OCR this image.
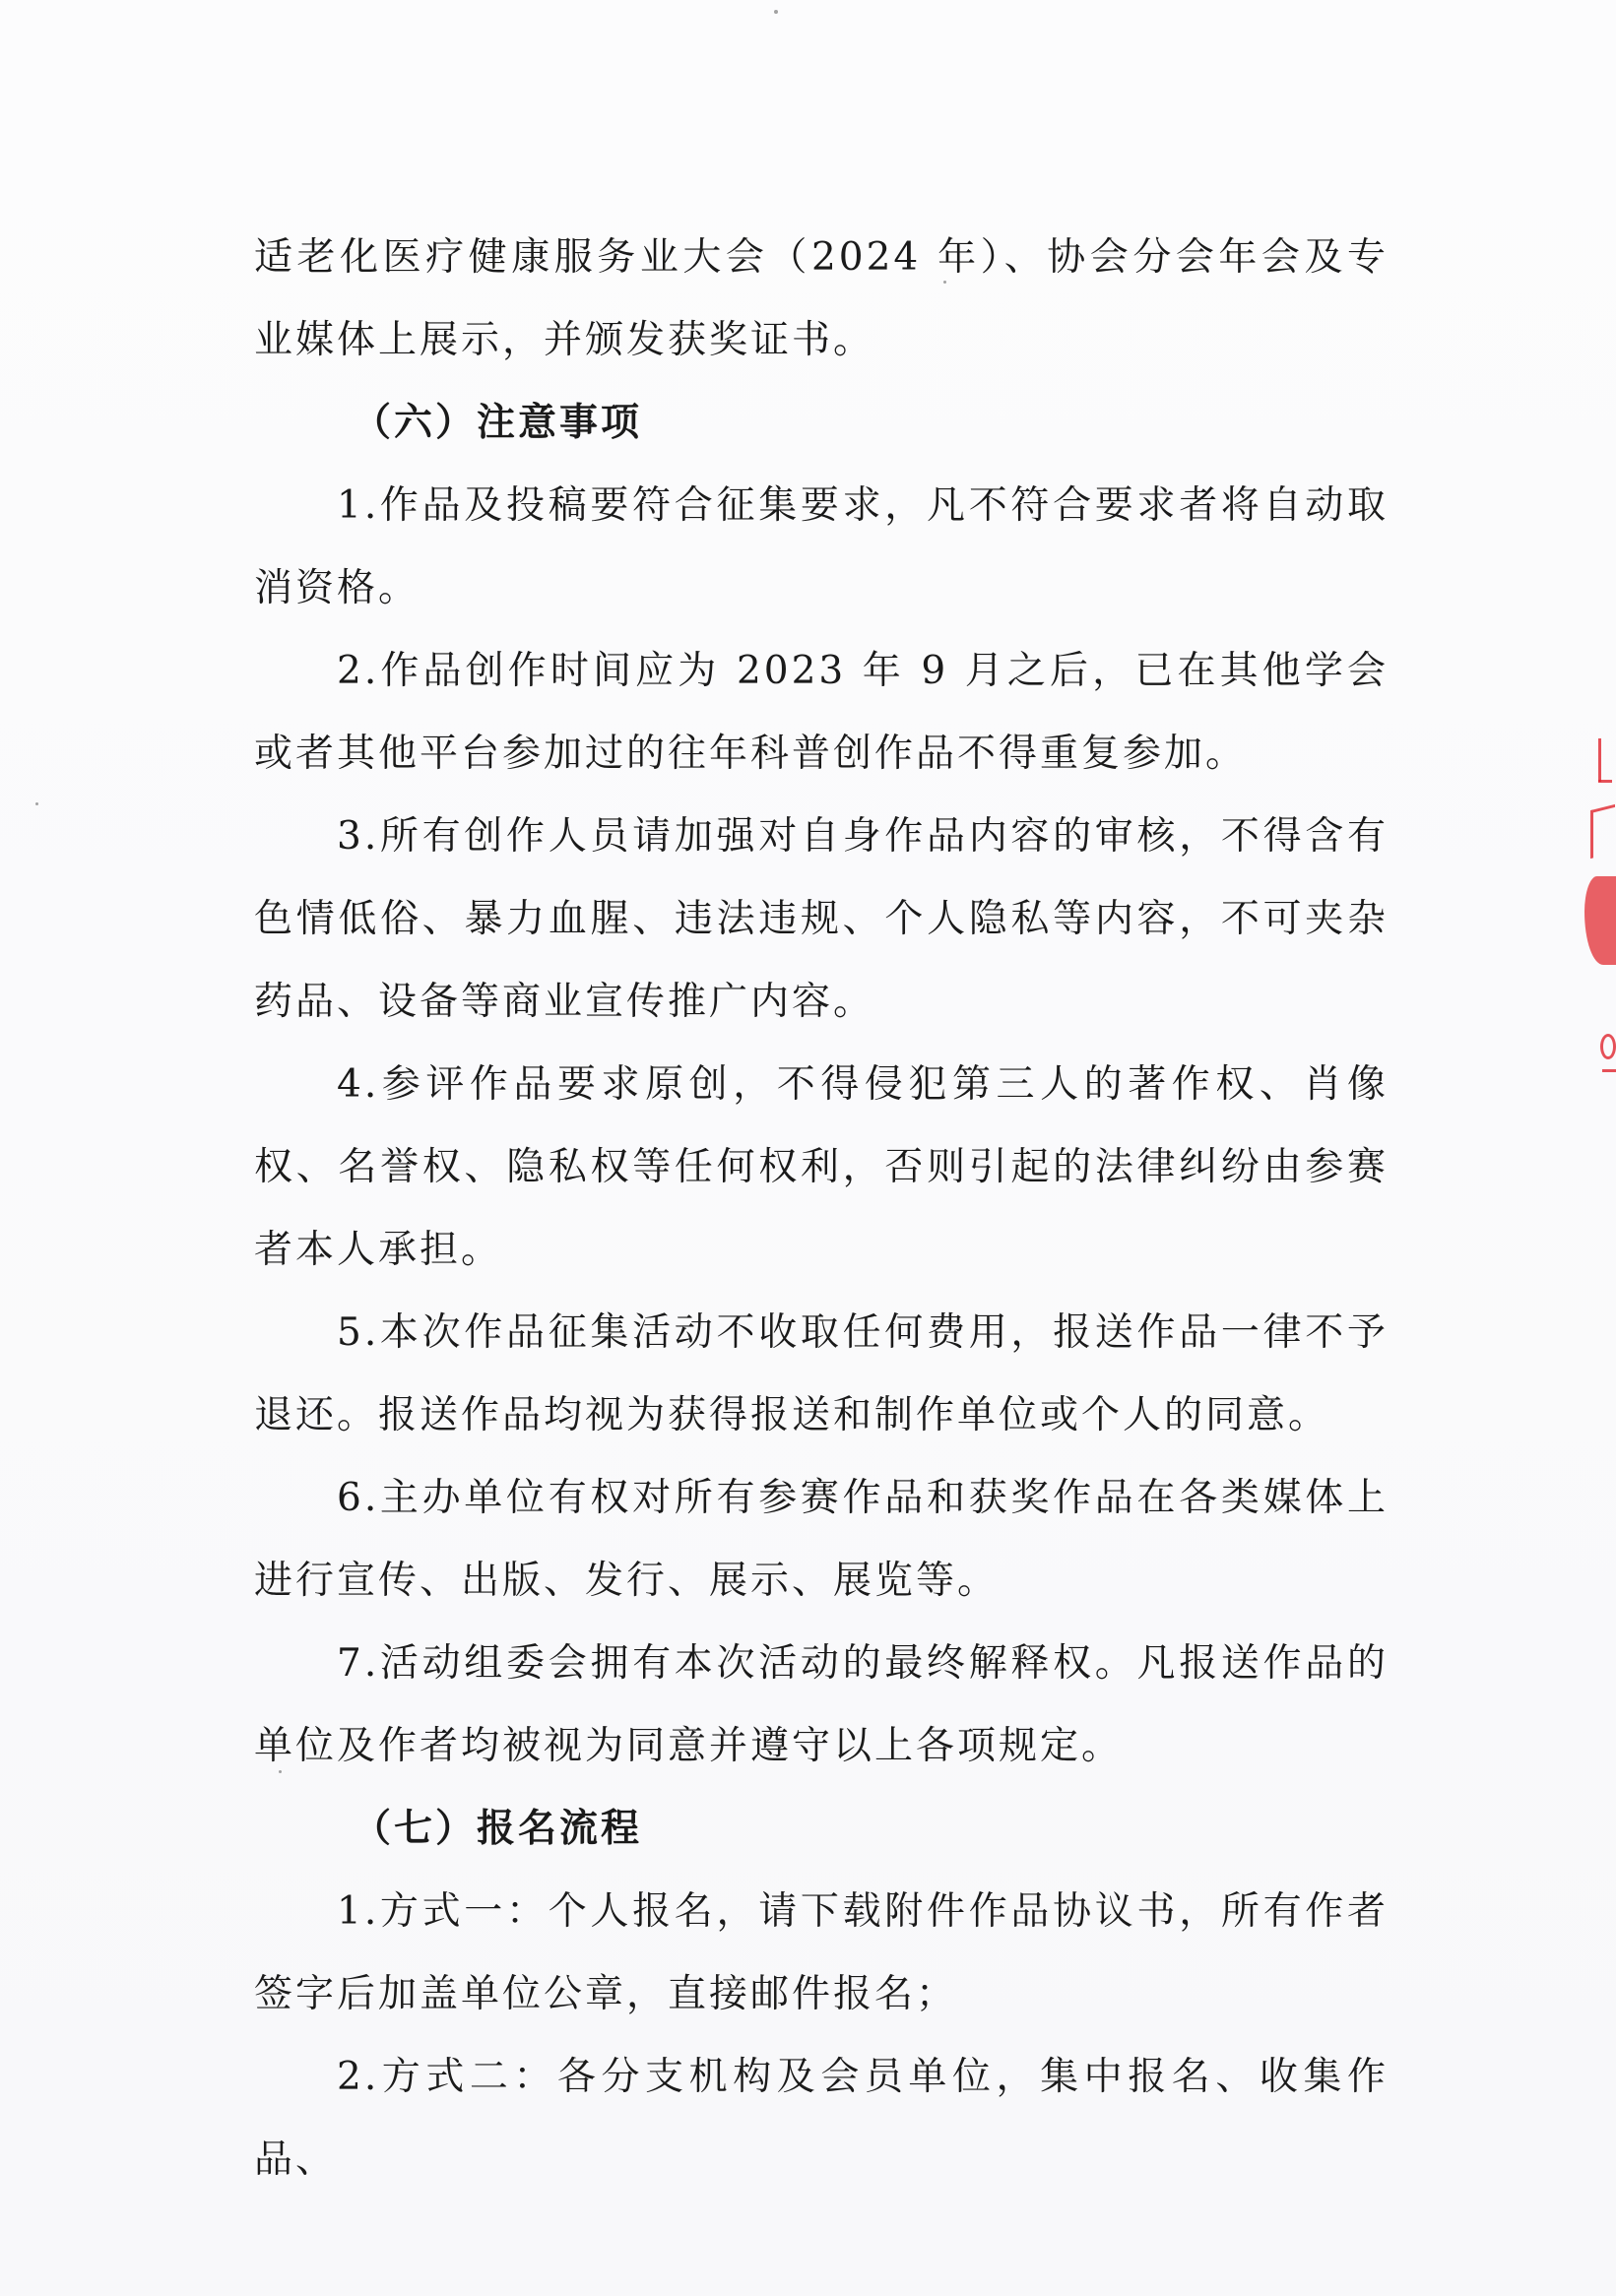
适老化医疗健康服务业大会（2024 年）、协会分会年会及专业媒体上展示，并颁发获奖证书。

（六）注意事项

1.作品及投稿要符合征集要求，凡不符合要求者将自动取消资格。

2.作品创作时间应为 2023 年 9 月之后，已在其他学会或者其他平台参加过的往年科普创作品不得重复参加。

3.所有创作人员请加强对自身作品内容的审核，不得含有色情低俗、暴力血腥、违法违规、个人隐私等内容，不可夹杂药品、设备等商业宣传推广内容。

4.参评作品要求原创，不得侵犯第三人的著作权、肖像权、名誉权、隐私权等任何权利，否则引起的法律纠纷由参赛者本人承担。

5.本次作品征集活动不收取任何费用，报送作品一律不予退还。报送作品均视为获得报送和制作单位或个人的同意。

6.主办单位有权对所有参赛作品和获奖作品在各类媒体上进行宣传、出版、发行、展示、展览等。

7.活动组委会拥有本次活动的最终解释权。凡报送作品的单位及作者均被视为同意并遵守以上各项规定。

（七）报名流程

1.方式一：个人报名，请下载附件作品协议书，所有作者签字后加盖单位公章，直接邮件报名；

2.方式二：各分支机构及会员单位，集中报名、收集作品、
